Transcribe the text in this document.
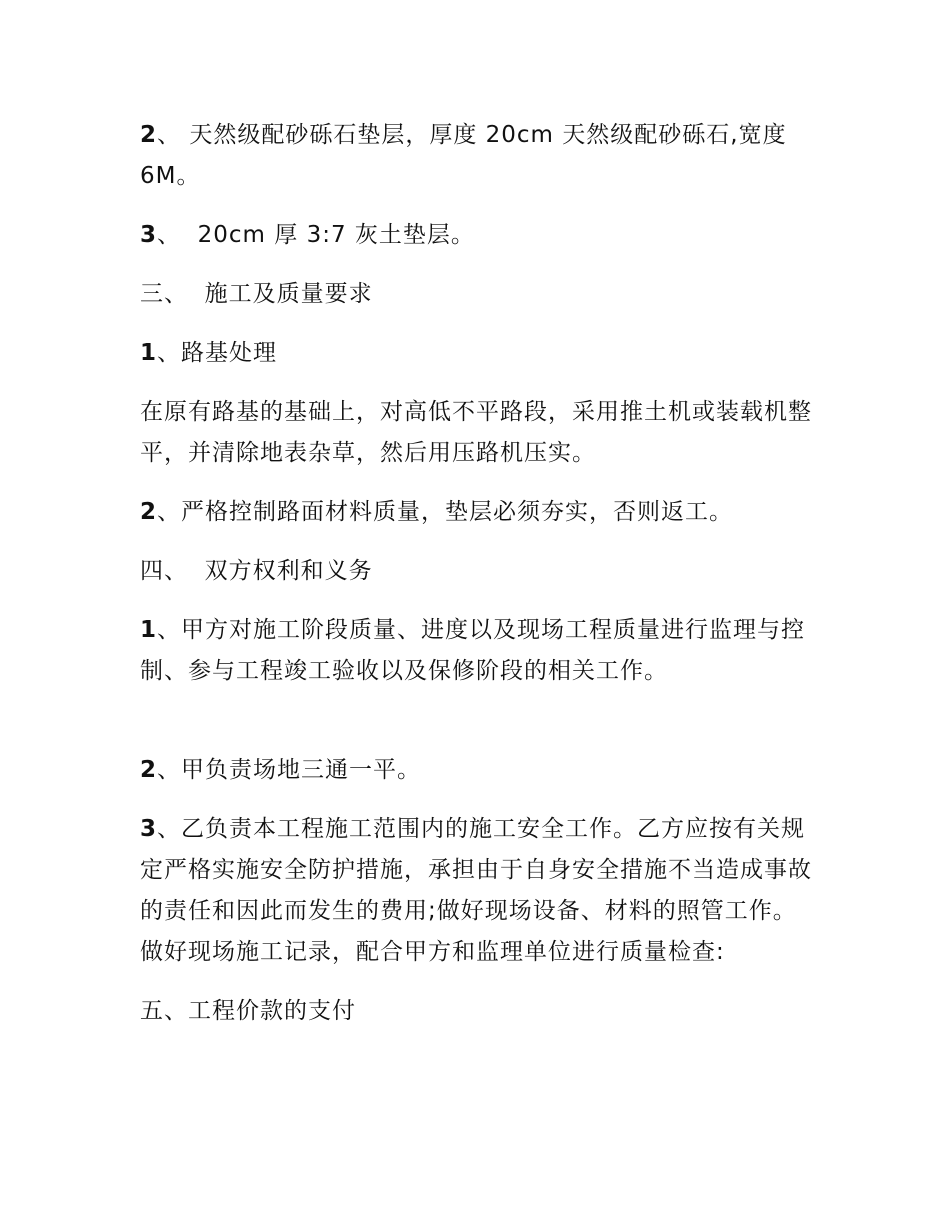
2、 天然级配砂砾石垫层，厚度 20cm 天然级配砂砾石,宽度 6M。

3、  20cm 厚 3:7 灰土垫层。

三、  施工及质量要求

1、路基处理

在原有路基的基础上，对高低不平路段，采用推土机或装载机整平，并清除地表杂草，然后用压路机压实。

2、严格控制路面材料质量，垫层必须夯实，否则返工。

四、  双方权利和义务

1、甲方对施工阶段质量、进度以及现场工程质量进行监理与控制、参与工程竣工验收以及保修阶段的相关工作。

2、甲负责场地三通一平。

3、乙负责本工程施工范围内的施工安全工作。乙方应按有关规定严格实施安全防护措施，承担由于自身安全措施不当造成事故的责任和因此而发生的费用;做好现场设备、材料的照管工作。做好现场施工记录，配合甲方和监理单位进行质量检查:

五、工程价款的支付
